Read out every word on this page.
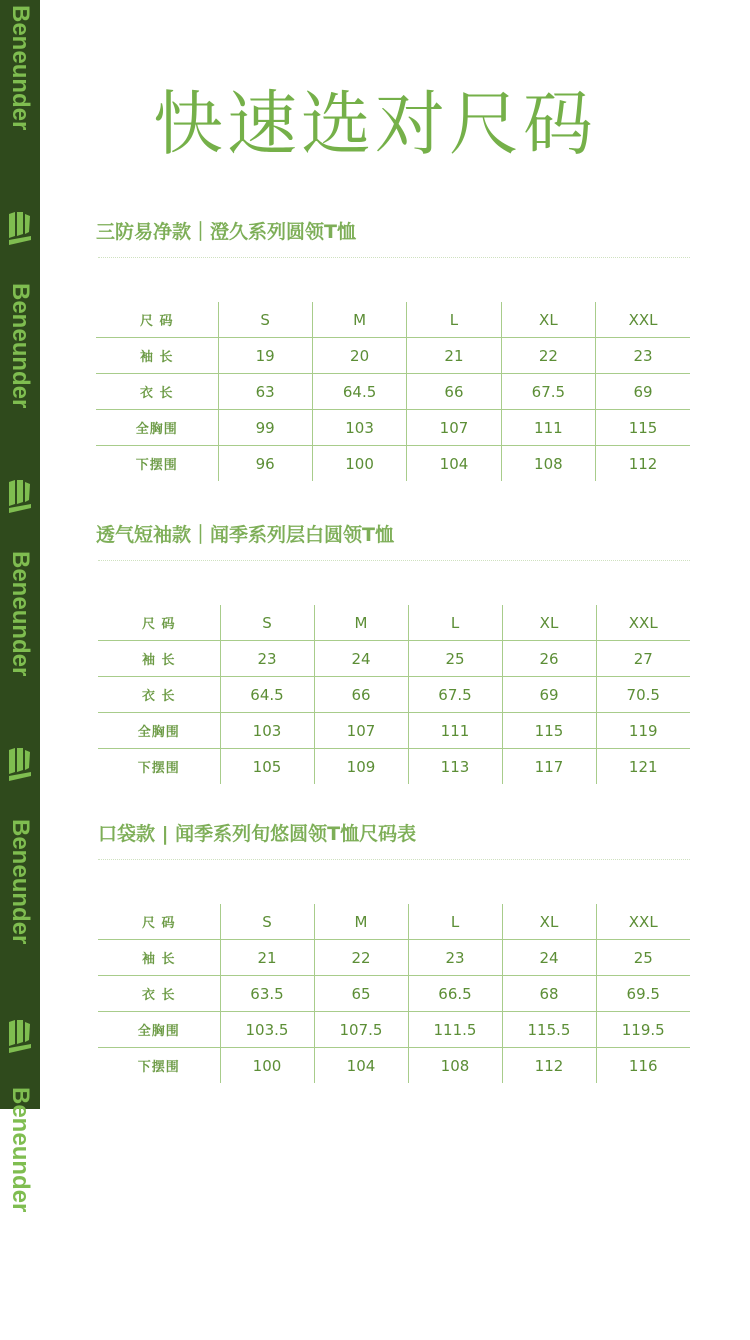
Beneunder
Beneunder
Beneunder
Beneunder
Beneunder
快速选对尺码
三防易净款｜澄久系列圆领T恤
尺 码	S	M	L	XL	XXL
袖 长	19	20	21	22	23
衣 长	63	64.5	66	67.5	69
全胸围	99	103	107	111	115
下摆围	96	100	104	108	112
透气短袖款｜闻季系列层白圆领T恤
尺 码	S	M	L	XL	XXL
袖 长	23	24	25	26	27
衣 长	64.5	66	67.5	69	70.5
全胸围	103	107	111	115	119
下摆围	105	109	113	117	121
口袋款 | 闻季系列旬悠圆领T恤尺码表
尺 码	S	M	L	XL	XXL
袖 长	21	22	23	24	25
衣 长	63.5	65	66.5	68	69.5
全胸围	103.5	107.5	111.5	115.5	119.5
下摆围	100	104	108	112	116
